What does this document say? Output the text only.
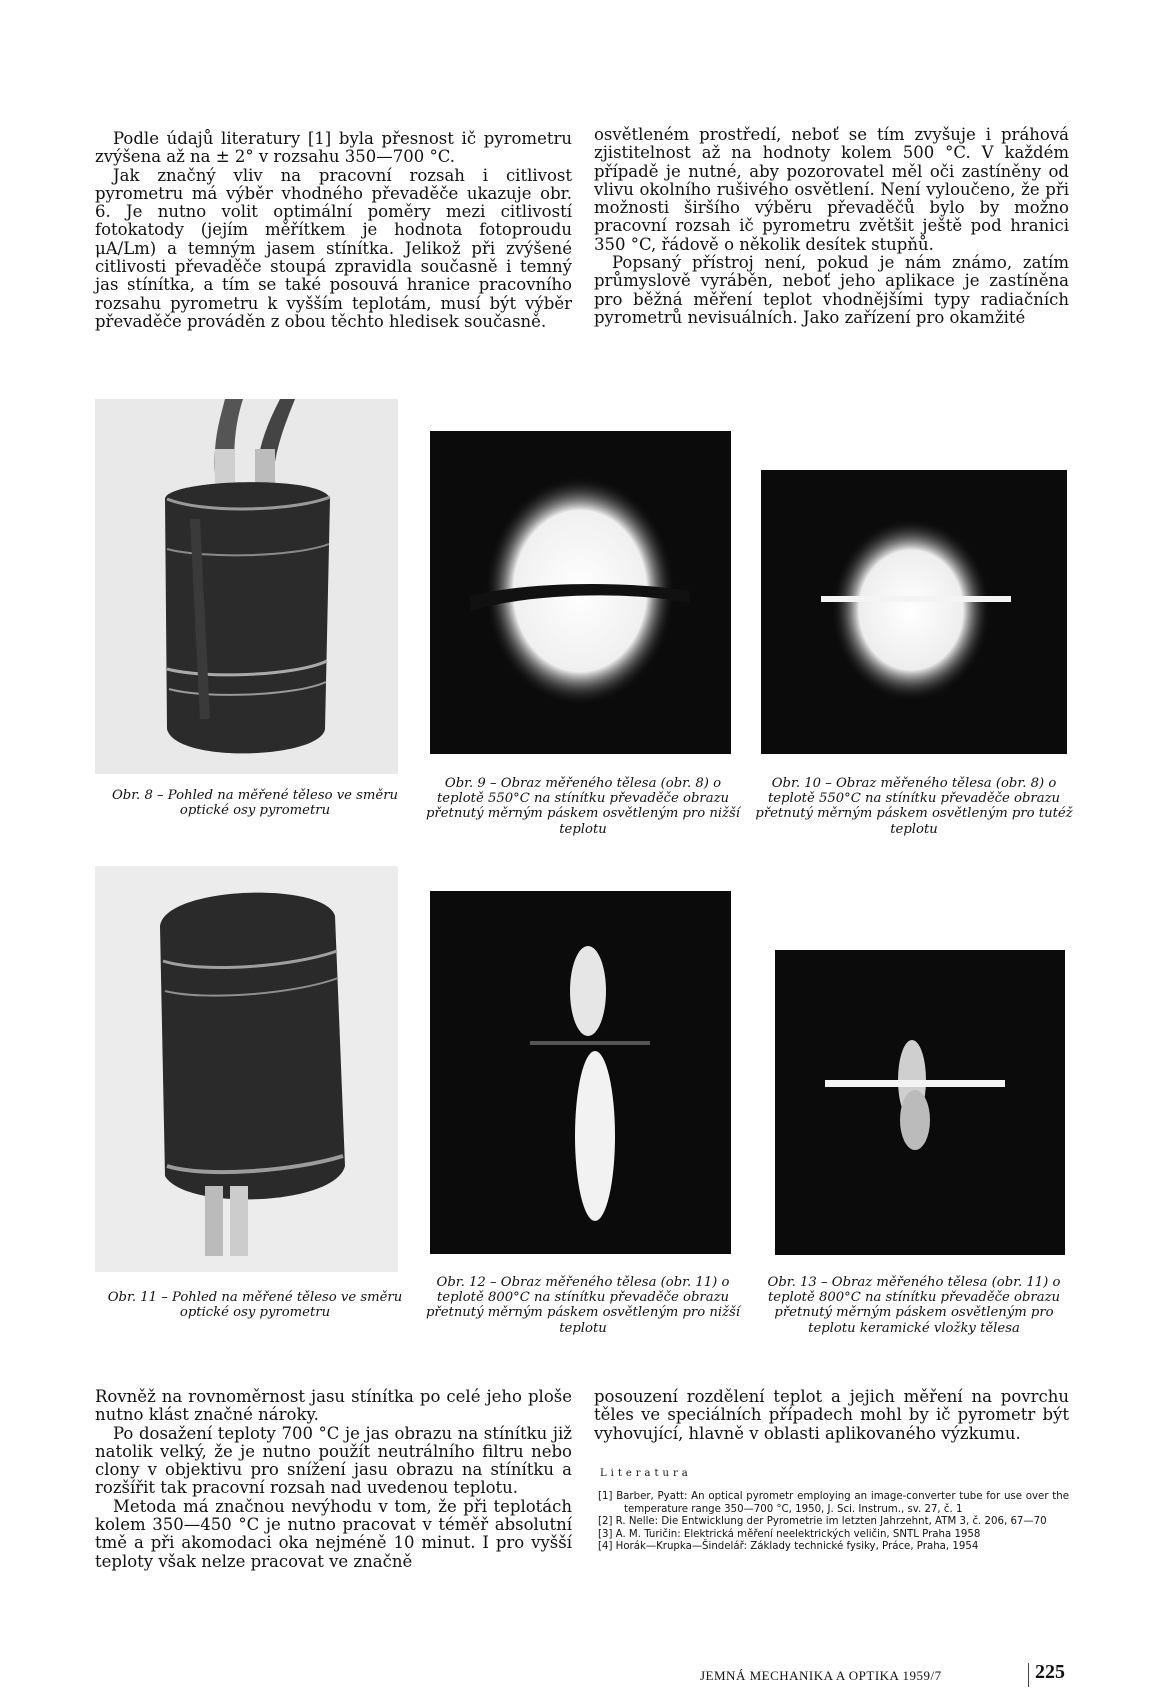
Podle údajů literatury [1] byla přesnost ič pyrometru zvýšena až na ± 2° v rozsahu 350—700 °C.

Jak značný vliv na pracovní rozsah i citlivost pyrometru má výběr vhodného převaděče ukazuje obr. 6. Je nutno volit optimální poměry mezi citlivostí fotokatody (jejím měřítkem je hodnota fotoproudu μA/Lm) a temným jasem stínítka. Jelikož při zvýšené citlivosti převaděče stoupá zpravidla současně i temný jas stínítka, a tím se také posouvá hranice pracovního rozsahu pyrometru k vyšším teplotám, musí být výběr převaděče prováděn z obou těchto hledisek současně.

osvětleném prostředí, neboť se tím zvyšuje i práhová zjistitelnost až na hodnoty kolem 500 °C. V každém případě je nutné, aby pozorovatel měl oči zastíněny od vlivu okolního rušivého osvětlení. Není vyloučeno, že při možnosti širšího výběru převaděčů bylo by možno pracovní rozsah ič pyrometru zvětšit ještě pod hranici 350 °C, řádově o několik desítek stupňů.

Popsaný přístroj není, pokud je nám známo, zatím průmyslově vyráběn, neboť jeho aplikace je zastíněna pro běžná měření teplot vhodnějšími typy radiačních pyrometrů nevisuálních. Jako zařízení pro okamžité

Obr. 8 – Pohled na měřené těleso ve směru optické osy pyrometru
Obr. 9 – Obraz měřeného tělesa (obr. 8) o teplotě 550°C na stínítku převaděče obrazu přetnutý měrným páskem osvětleným pro nižší teplotu
Obr. 10 – Obraz měřeného tělesa (obr. 8) o teplotě 550°C na stínítku převaděče obrazu přetnutý měrným páskem osvětleným pro tutéž teplotu
Obr. 11 – Pohled na měřené těleso ve směru optické osy pyrometru
Obr. 12 – Obraz měřeného tělesa (obr. 11) o teplotě 800°C na stínítku převaděče obrazu přetnutý měrným páskem osvětleným pro nižší teplotu
Obr. 13 – Obraz měřeného tělesa (obr. 11) o teplotě 800°C na stínítku převaděče obrazu přetnutý měrným páskem osvětleným pro teplotu keramické vložky tělesa

Rovněž na rovnoměrnost jasu stínítka po celé jeho ploše nutno klást značné nároky.

Po dosažení teploty 700 °C je jas obrazu na stínítku již natolik velký, že je nutno použít neutrálního filtru nebo clony v objektivu pro snížení jasu obrazu na stínítku a rozšířit tak pracovní rozsah nad uvedenou teplotu.

Metoda má značnou nevýhodu v tom, že při teplotách kolem 350—450 °C je nutno pracovat v téměř absolutní tmě a při akomodaci oka nejméně 10 minut. I pro vyšší teploty však nelze pracovat ve značně

posouzení rozdělení teplot a jejich měření na povrchu těles ve speciálních případech mohl by ič pyrometr být vyhovující, hlavně v oblasti aplikovaného výzkumu.

Literatura
[1] Barber, Pyatt: An optical pyrometr employing an image-converter tube for use over the temperature range 350—700 °C, 1950, J. Sci. Instrum., sv. 27, č. 1
[2] R. Nelle: Die Entwicklung der Pyrometrie im letzten Jahrzehnt, ATM 3, č. 206, 67—70
[3] A. M. Turičin: Elektrická měření neelektrických veličin, SNTL Praha 1958
[4] Horák—Krupka—Šindelář: Základy technické fysiky, Práce, Praha, 1954
JEMNÁ MECHANIKA A OPTIKA 1959/7	225
